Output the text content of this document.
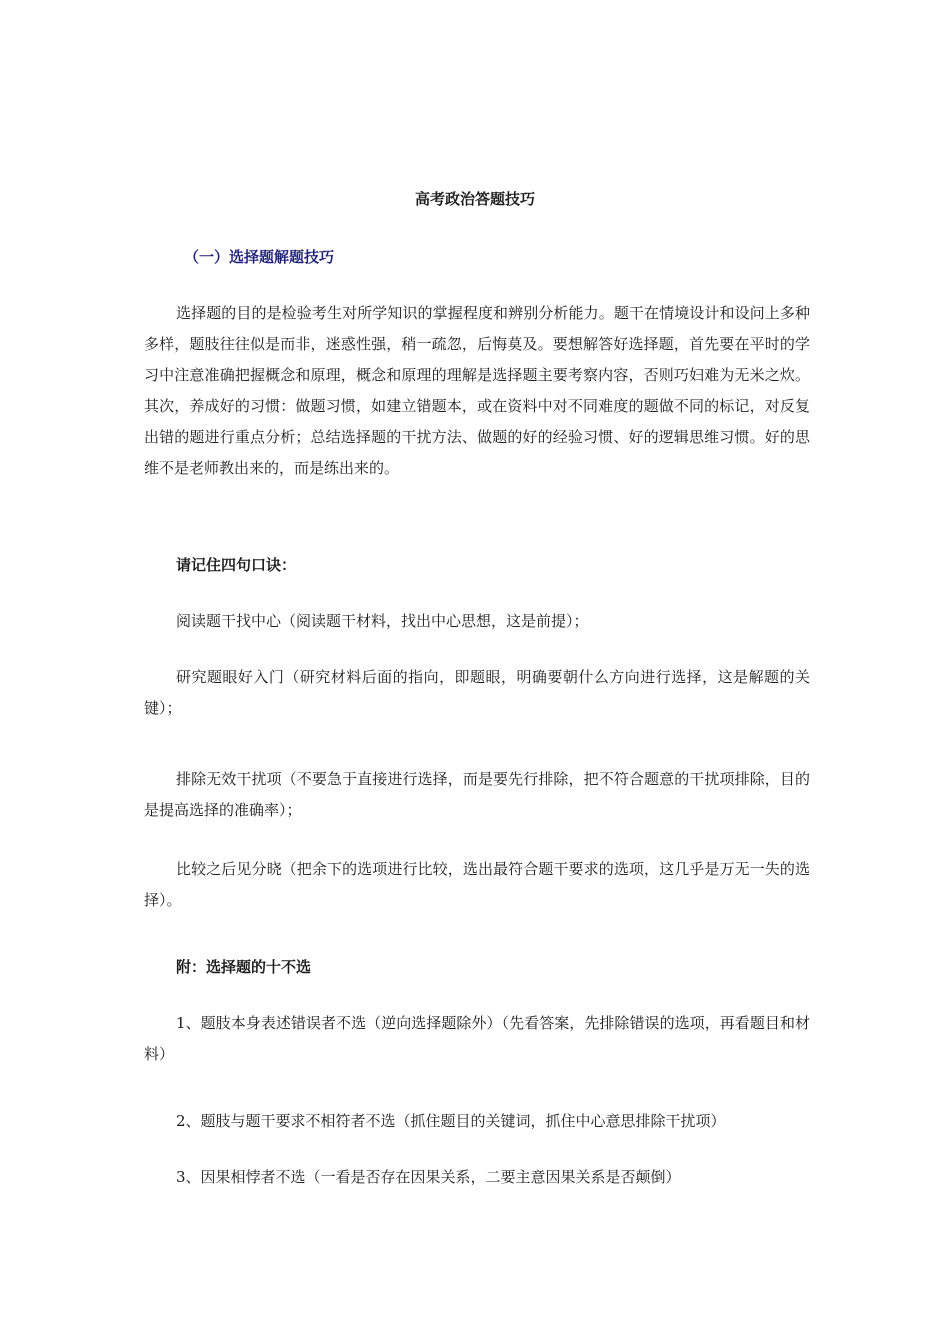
高考政治答题技巧
（一）选择题解题技巧

选择题的目的是检验考生对所学知识的掌握程度和辨别分析能力。题干在情境设计和设问上多种多样，题肢往往似是而非，迷惑性强，稍一疏忽，后悔莫及。要想解答好选择题，首先要在平时的学习中注意准确把握概念和原理，概念和原理的理解是选择题主要考察内容，否则巧妇难为无米之炊。其次，养成好的习惯：做题习惯，如建立错题本，或在资料中对不同难度的题做不同的标记，对反复出错的题进行重点分析；总结选择题的干扰方法、做题的好的经验习惯、好的逻辑思维习惯。好的思维不是老师教出来的，而是练出来的。

请记住四句口诀：

阅读题干找中心（阅读题干材料，找出中心思想，这是前提）；

研究题眼好入门（研究材料后面的指向，即题眼，明确要朝什么方向进行选择，这是解题的关键）；

排除无效干扰项（不要急于直接进行选择，而是要先行排除，把不符合题意的干扰项排除，目的是提高选择的准确率）；

比较之后见分晓（把余下的选项进行比较，选出最符合题干要求的选项，这几乎是万无一失的选择）。

附：选择题的十不选

1、题肢本身表述错误者不选（逆向选择题除外）（先看答案，先排除错误的选项，再看题目和材料）

2、题肢与题干要求不相符者不选（抓住题目的关键词，抓住中心意思排除干扰项）

3、因果相悖者不选（一看是否存在因果关系，二要主意因果关系是否颠倒）
